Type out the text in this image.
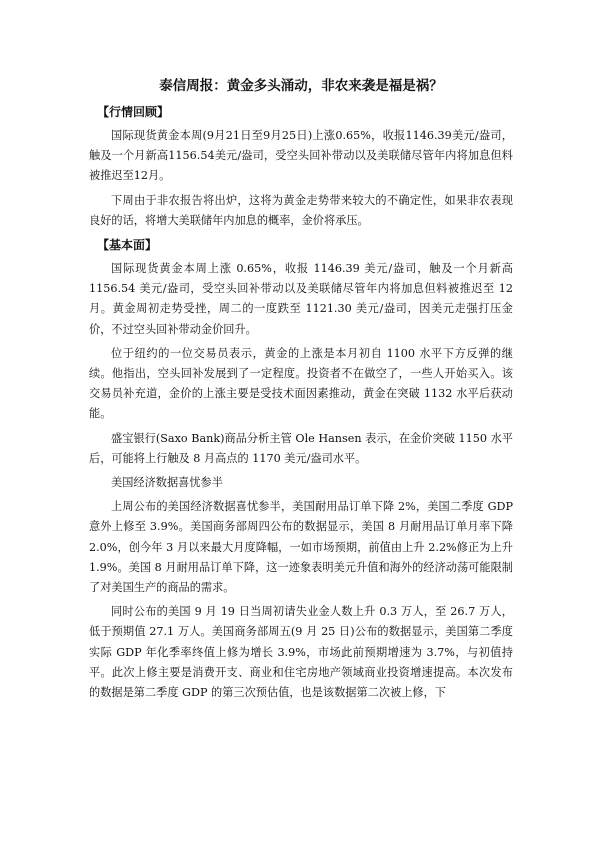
泰信周报：黄金多头涌动，非农来袭是福是祸？
【行情回顾】

国际现货黄金本周(9月21日至9月25日)上涨0.65%，收报1146.39美元/盎司，触及一个月新高1156.54美元/盎司，受空头回补带动以及美联储尽管年内将加息但料被推迟至12月。

下周由于非农报告将出炉，这将为黄金走势带来较大的不确定性，如果非农表现良好的话，将增大美联储年内加息的概率，金价将承压。

【基本面】

国际现货黄金本周上涨 0.65%，收报 1146.39 美元/盎司，触及一个月新高 1156.54 美元/盎司，受空头回补带动以及美联储尽管年内将加息但料被推迟至 12 月。黄金周初走势受挫，周二的一度跌至 1121.30 美元/盎司，因美元走强打压金价，不过空头回补带动金价回升。

位于纽约的一位交易员表示，黄金的上涨是本月初自 1100 水平下方反弹的继续。他指出，空头回补发展到了一定程度。投资者不在做空了，一些人开始买入。该交易员补充道，金价的上涨主要是受技术面因素推动，黄金在突破 1132 水平后获动能。

盛宝银行(Saxo Bank)商品分析主管 Ole Hansen 表示，在金价突破 1150 水平后，可能将上行触及 8 月高点的 1170 美元/盎司水平。

美国经济数据喜忧参半

上周公布的美国经济数据喜忧参半，美国耐用品订单下降 2%，美国二季度 GDP 意外上修至 3.9%。美国商务部周四公布的数据显示，美国 8 月耐用品订单月率下降 2.0%，创今年 3 月以来最大月度降幅，一如市场预期，前值由上升 2.2%修正为上升 1.9%。美国 8 月耐用品订单下降，这一迹象表明美元升值和海外的经济动荡可能限制了对美国生产的商品的需求。

同时公布的美国 9 月 19 日当周初请失业金人数上升 0.3 万人，至 26.7 万人，低于预期值 27.1 万人。美国商务部周五(9 月 25 日)公布的数据显示，美国第二季度实际 GDP 年化季率终值上修为增长 3.9%，市场此前预期增速为 3.7%，与初值持平。此次上修主要是消费开支、商业和住宅房地产领域商业投资增速提高。本次发布的数据是第二季度 GDP 的第三次预估值，也是该数据第二次被上修，下
